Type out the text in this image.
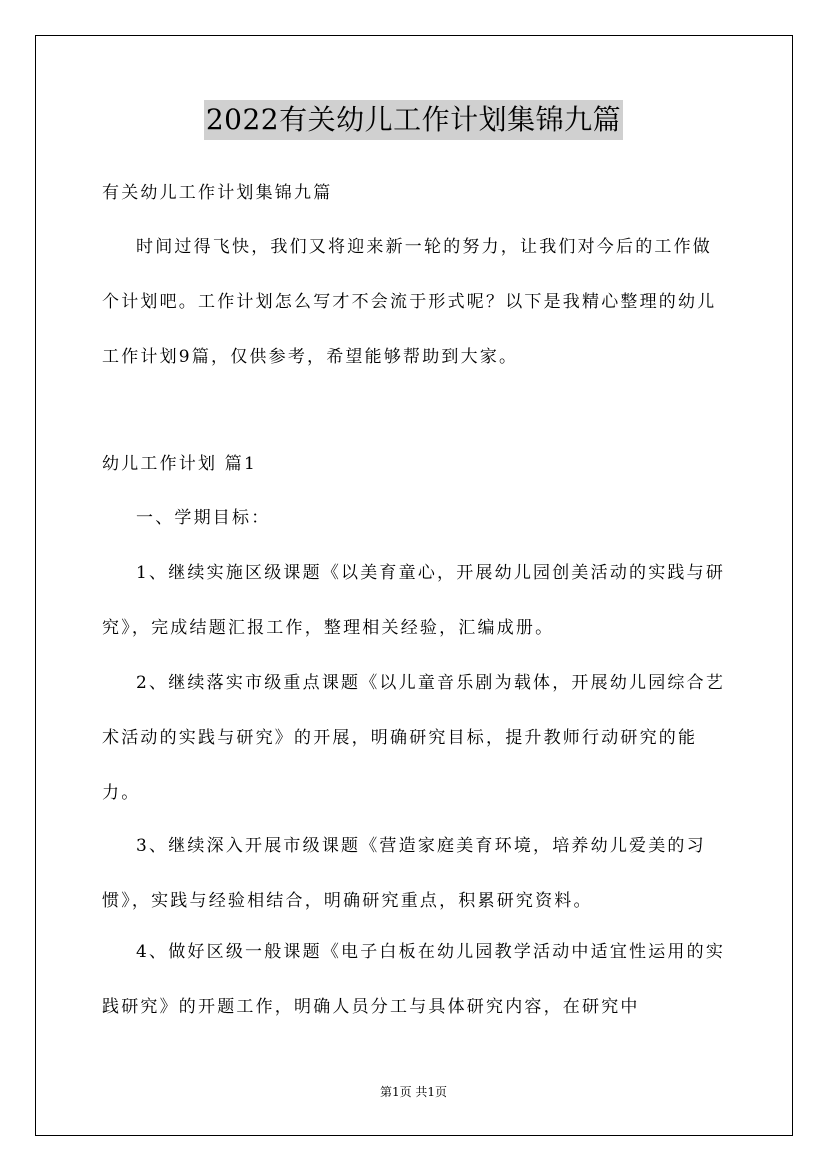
2022有关幼儿工作计划集锦九篇

有关幼儿工作计划集锦九篇

时间过得飞快，我们又将迎来新一轮的努力，让我们对今后的工作做个计划吧。工作计划怎么写才不会流于形式呢？以下是我精心整理的幼儿工作计划9篇，仅供参考，希望能够帮助到大家。

幼儿工作计划 篇1

一、学期目标：

1、继续实施区级课题《以美育童心，开展幼儿园创美活动的实践与研究》，完成结题汇报工作，整理相关经验，汇编成册。

2、继续落实市级重点课题《以儿童音乐剧为载体，开展幼儿园综合艺术活动的实践与研究》的开展，明确研究目标，提升教师行动研究的能力。

3、继续深入开展市级课题《营造家庭美育环境，培养幼儿爱美的习惯》，实践与经验相结合，明确研究重点，积累研究资料。

4、做好区级一般课题《电子白板在幼儿园教学活动中适宜性运用的实践研究》的开题工作，明确人员分工与具体研究内容，在研究中

第1页 共1页
